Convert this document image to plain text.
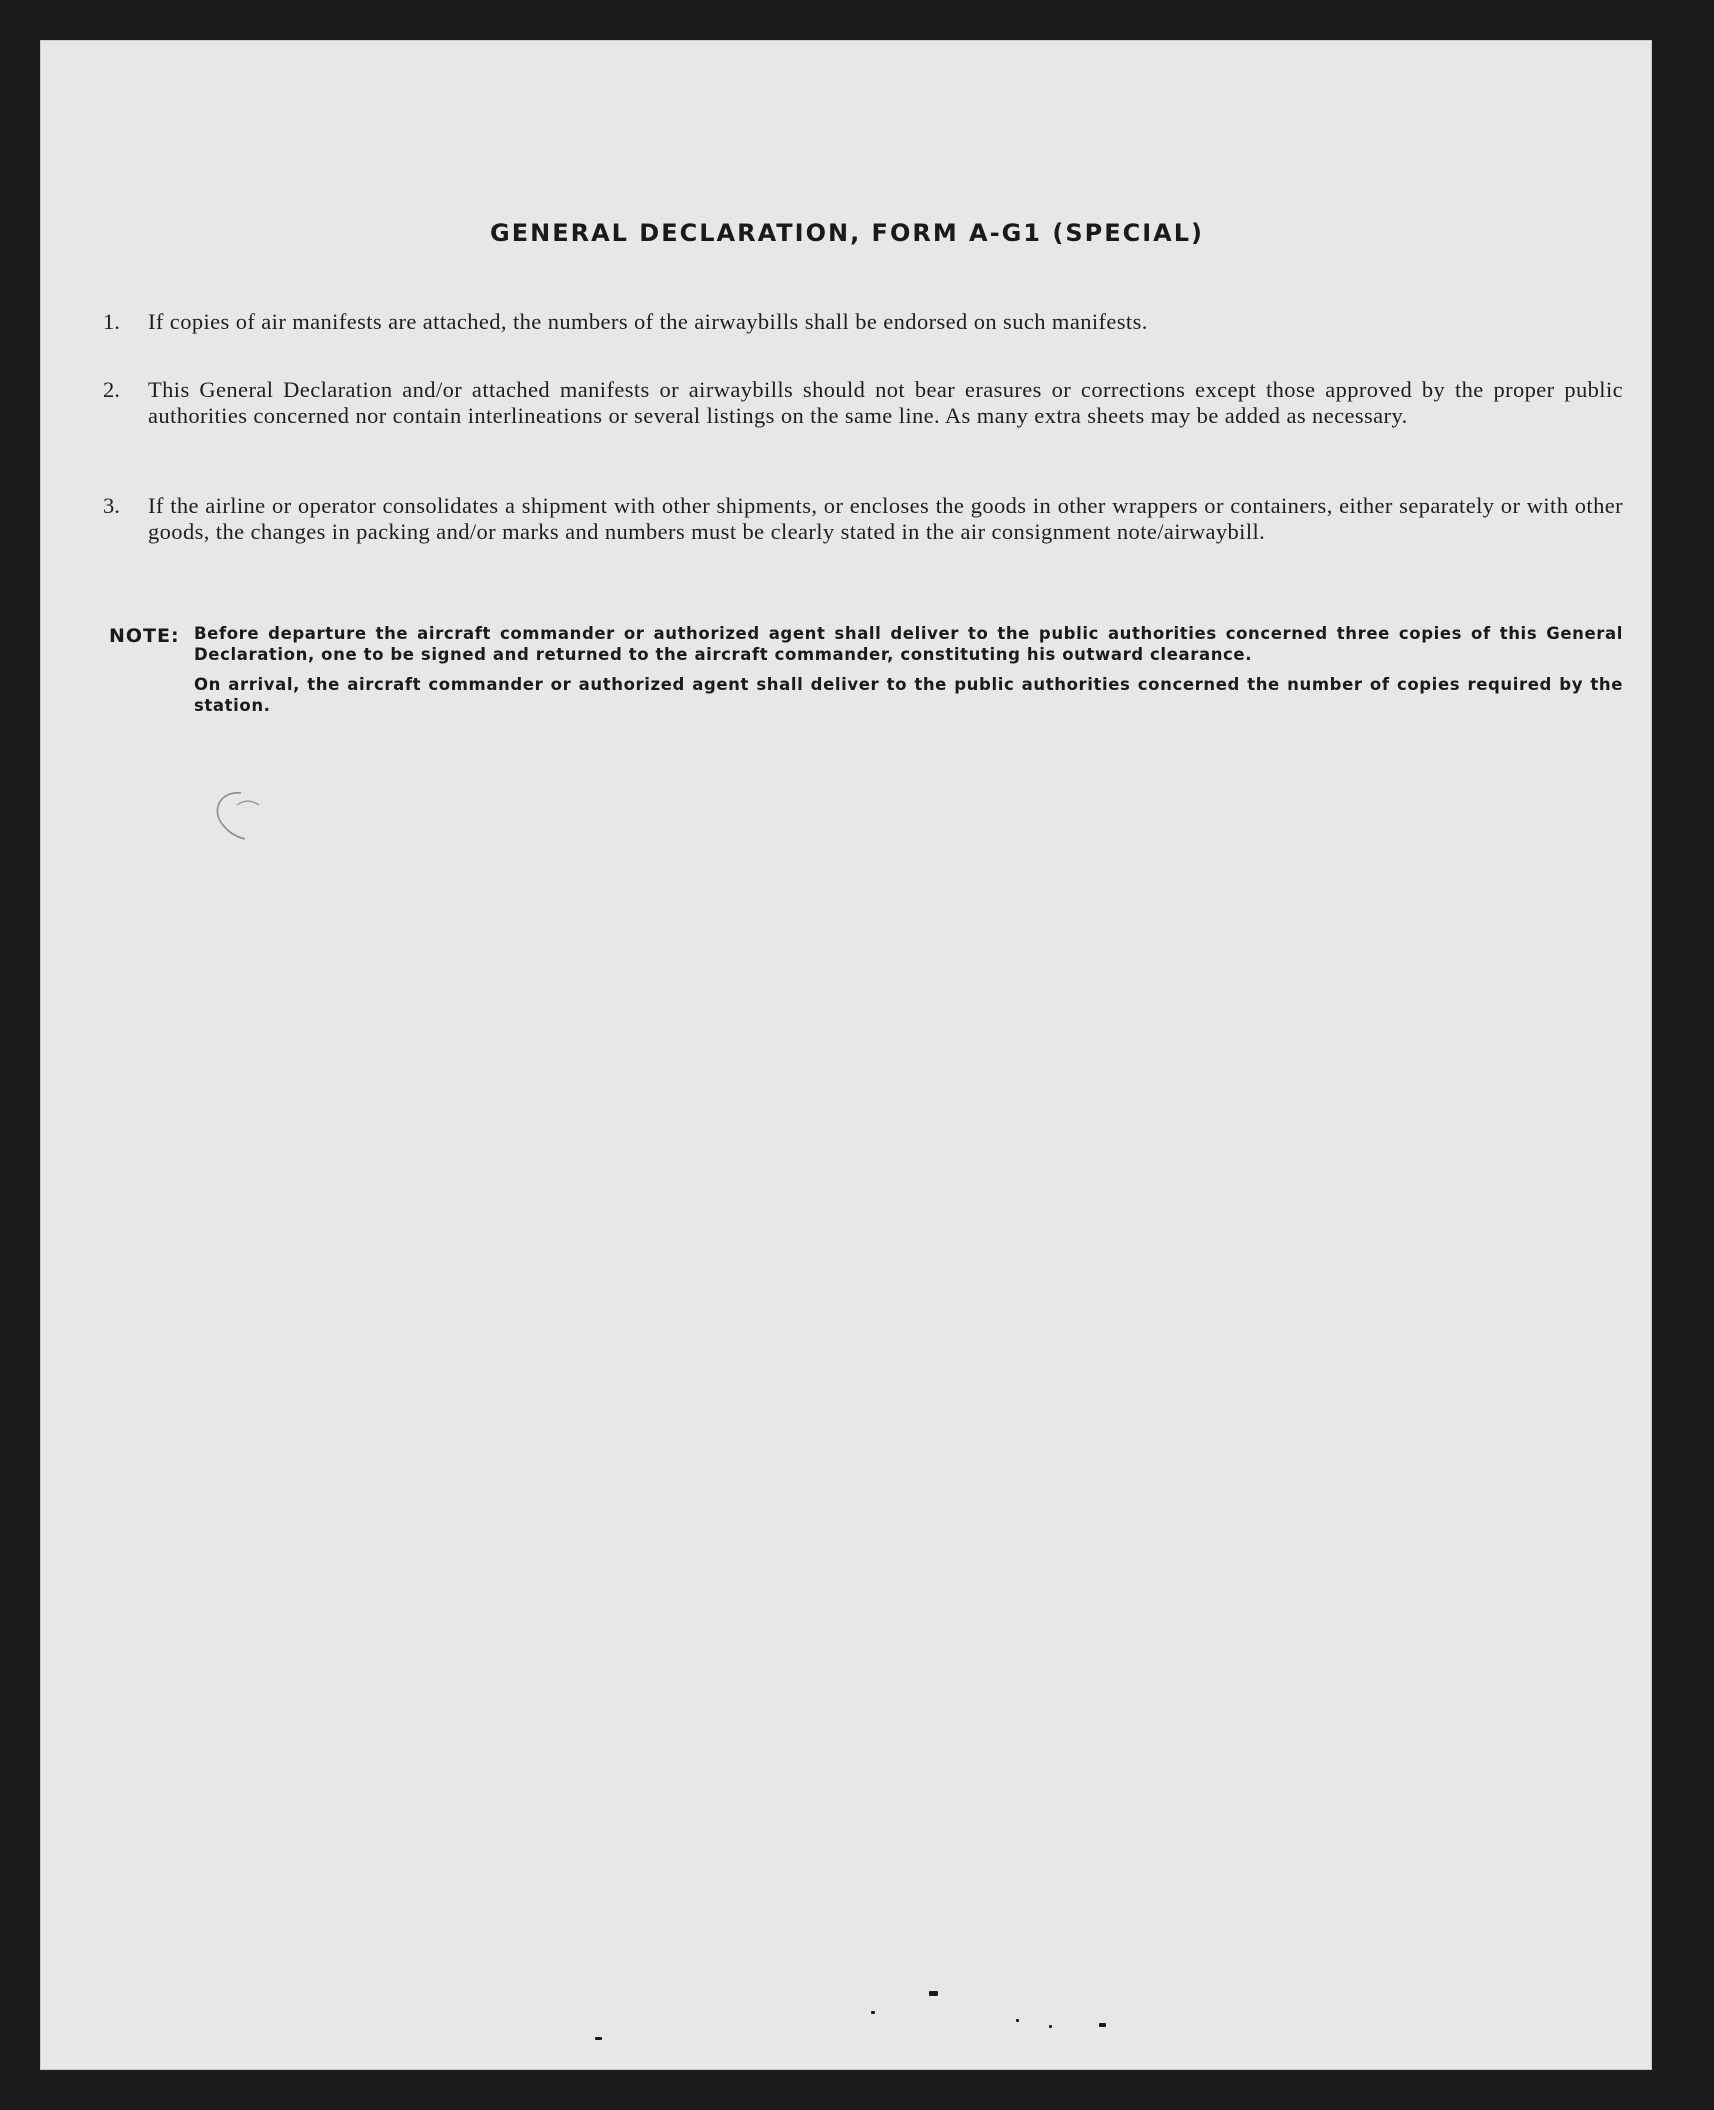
GENERAL DECLARATION, FORM A-G1 (SPECIAL)
1.	If copies of air manifests are attached, the numbers of the airwaybills shall be endorsed on such manifests.
2.	This General Declaration and/or attached manifests or airwaybills should not bear erasures or corrections except those approved by the proper public authorities concerned nor contain interlineations or several listings on the same line. As many extra sheets may be added as necessary.
3.	If the airline or operator consolidates a shipment with other shipments, or encloses the goods in other wrappers or containers, either separately or with other goods, the changes in packing and/or marks and numbers must be clearly stated in the air consignment note/airwaybill.
NOTE: Before departure the aircraft commander or authorized agent shall deliver to the public authorities concerned three copies of this General Declaration, one to be signed and returned to the aircraft commander, constituting his outward clearance.
On arrival, the aircraft commander or authorized agent shall deliver to the public authorities concerned the number of copies required by the station.
